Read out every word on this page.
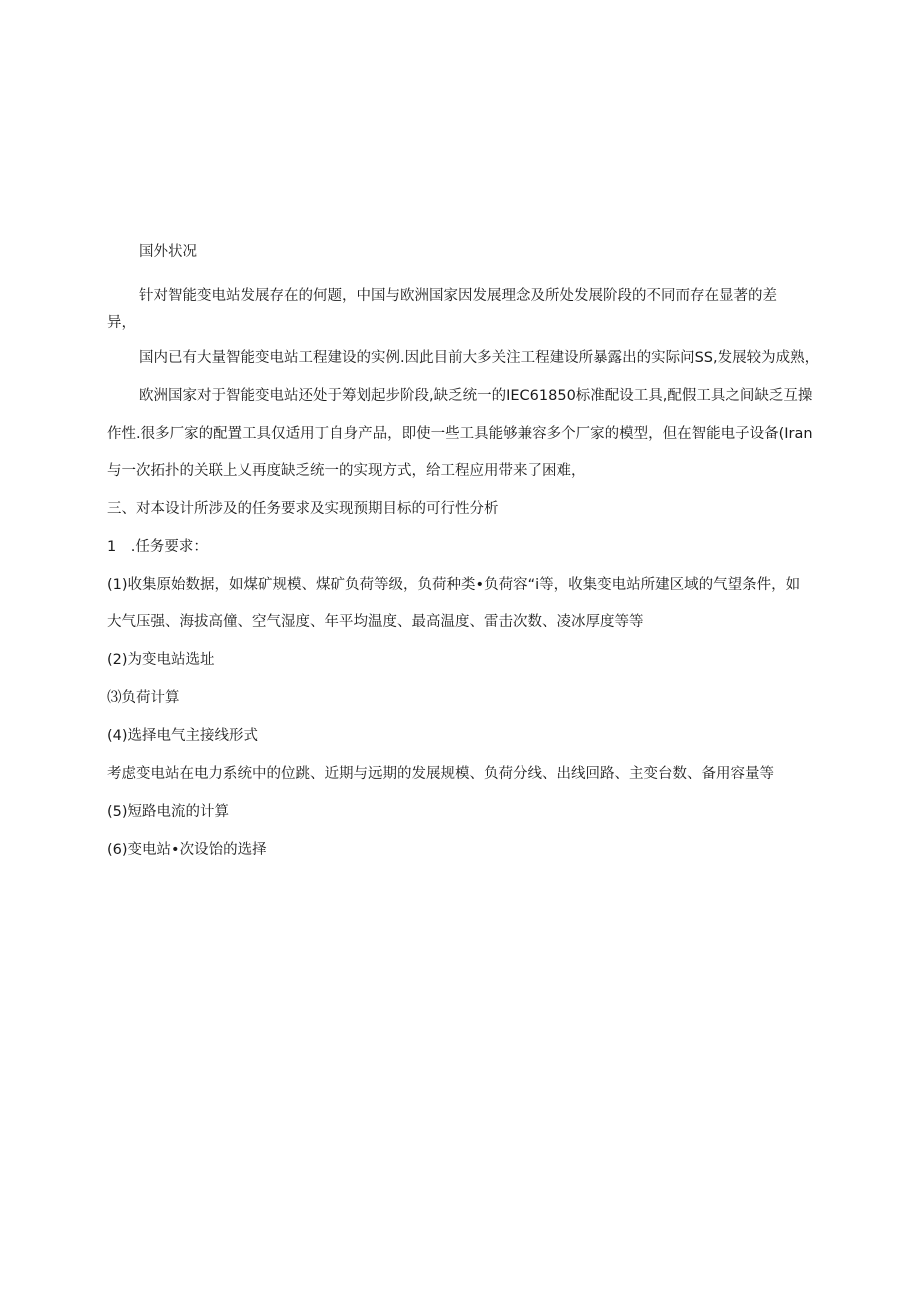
国外状况
针对智能变电站发展存在的何题，中国与欧洲国家因发展理念及所处发展阶段的不同而存在显著的差
异，
国内已有大量智能变电站工程建设的实例.因此目前大多关注工程建设所暴露出的实际问SS,发展较为成熟，
欧洲国家对于智能变电站还处于筹划起步阶段,缺乏统一的IEC61850标准配设工具,配假工具之间缺乏互操
作性.很多厂家的配置工具仅适用丁自身产品，即使一些工具能够兼容多个厂家的模型，但在智能电子设备(Iran
与一次拓扑的关联上乂再度缺乏统一的实现方式，给工程应用带来了困难，
三、对本设计所涉及的任务要求及实现预期目标的可行性分析
1　.任务要求：
(1)收集原始数据，如煤矿规模、煤矿负荷等级，负荷种类•负荷容“i等，收集变电站所建区域的气望条件，如
大气压强、海拔高僮、空气湿度、年平均温度、最高温度、雷击次数、凌冰厚度等等
(2)为变电站选址
⑶负荷计算
(4)选择电气主接线形式
考虑变电站在电力系统中的位跳、近期与远期的发展规模、负荷分线、出线回路、主变台数、备用容量等
(5)短路电流的计算
(6)变电站•次设饴的选择
